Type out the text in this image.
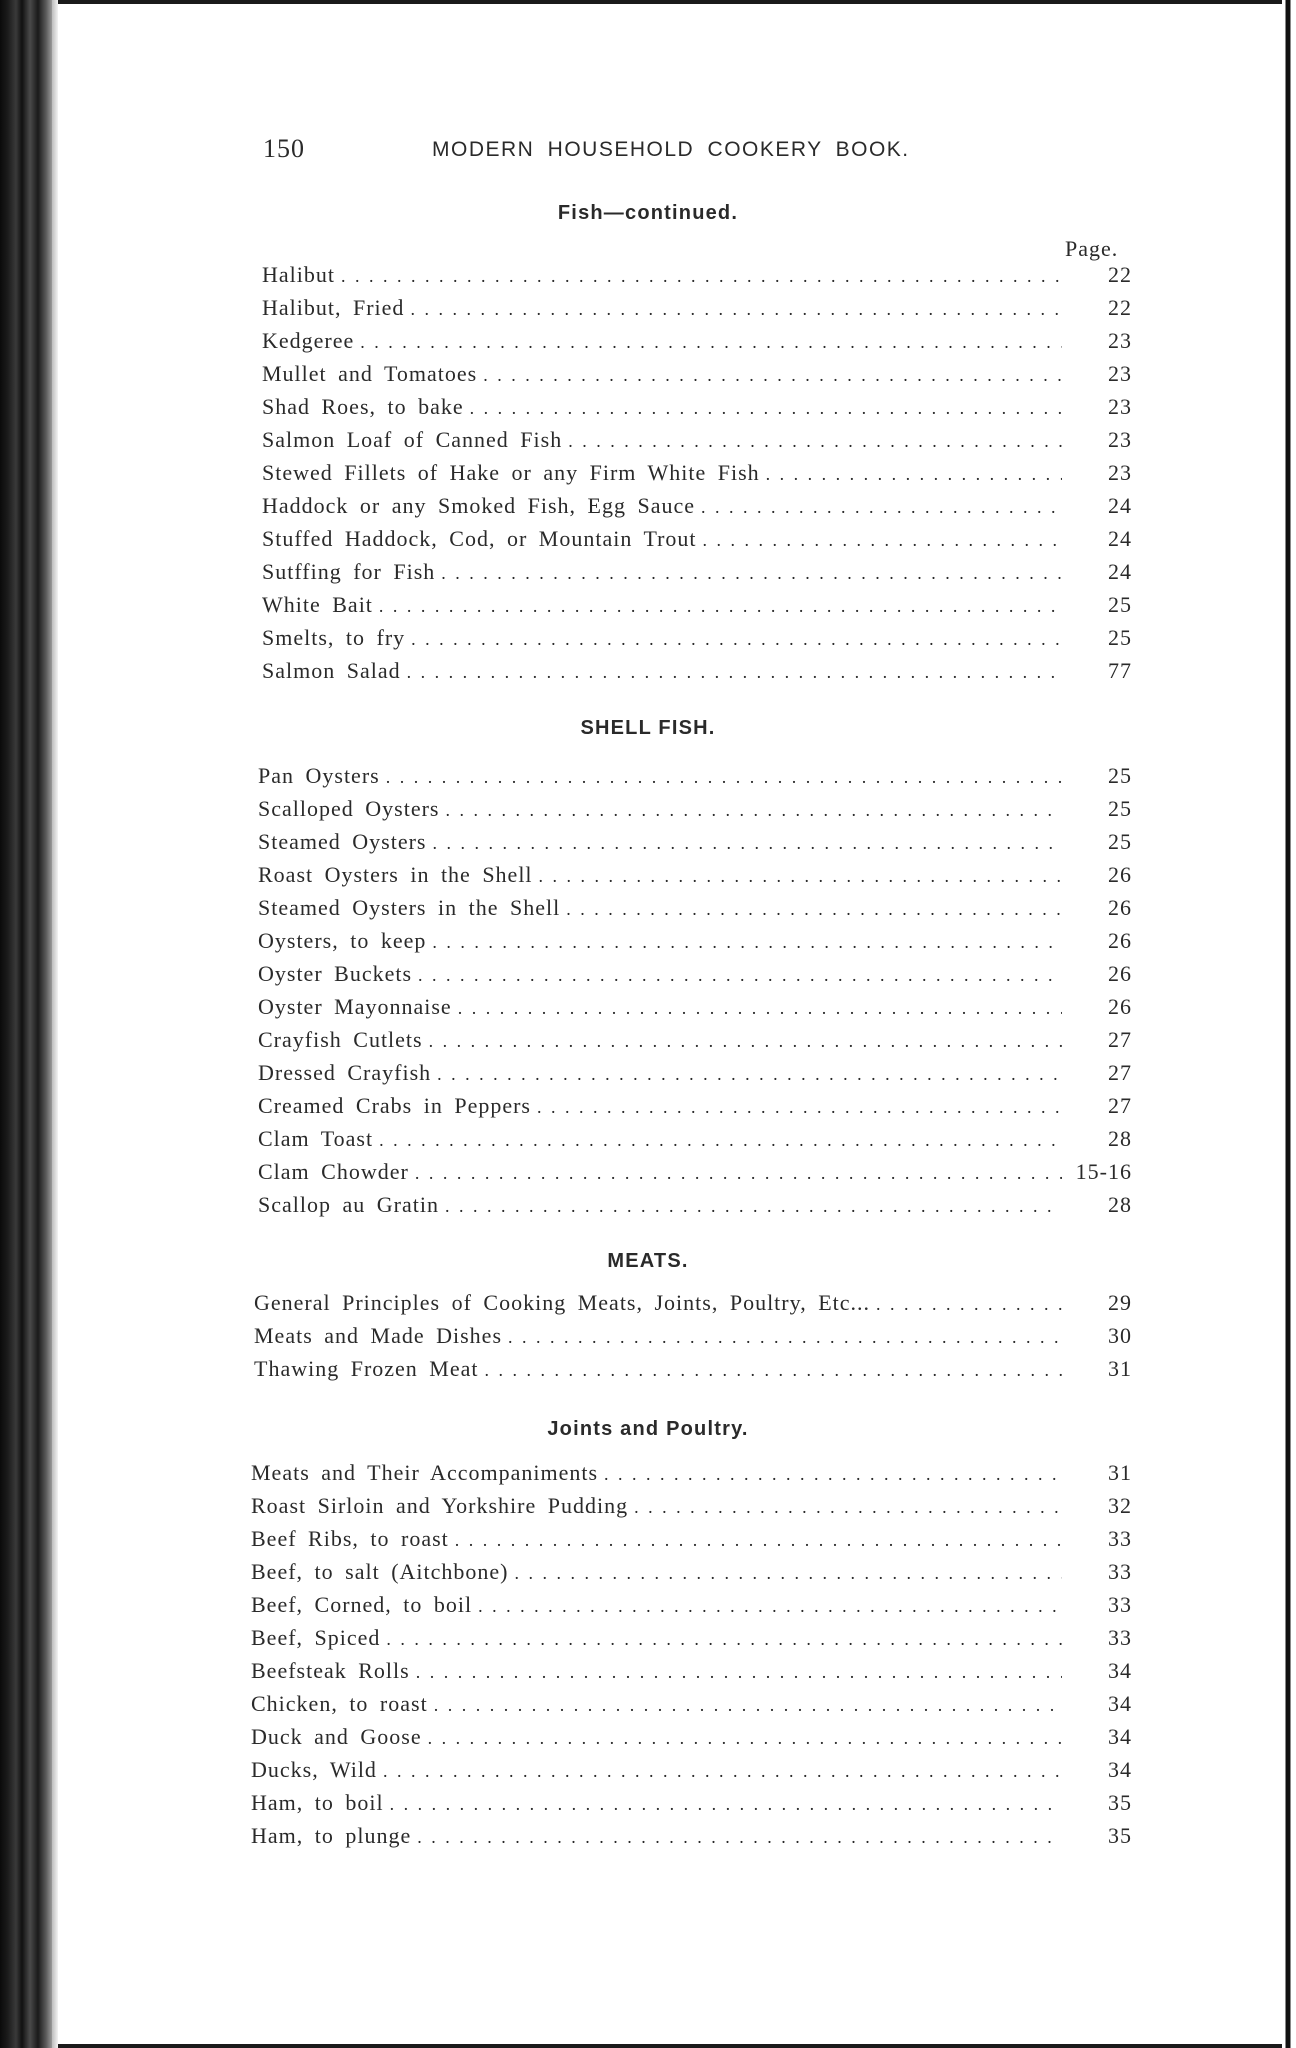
150	MODERN HOUSEHOLD COOKERY BOOK.
Fish—continued.
Page.
Halibut . . .	22
Halibut, Fried . . .	22
Kedgeree . . .	23
Mullet and Tomatoes . . .	23
Shad Roes, to bake . . .	23
Salmon Loaf of Canned Fish . . .	23
Stewed Fillets of Hake or any Firm White Fish . . .	23
Haddock or any Smoked Fish, Egg Sauce . . .	24
Stuffed Haddock, Cod, or Mountain Trout . . .	24
Sutffing for Fish . . .	24
White Bait . . .	25
Smelts, to fry . . .	25
Salmon Salad . . .	77
SHELL FISH.
Pan Oysters . . .	25
Scalloped Oysters . . .	25
Steamed Oysters . . .	25
Roast Oysters in the Shell . . .	26
Steamed Oysters in the Shell . . .	26
Oysters, to keep . . .	26
Oyster Buckets . . .	26
Oyster Mayonnaise . . .	26
Crayfish Cutlets . . .	27
Dressed Crayfish . . .	27
Creamed Crabs in Peppers . . .	27
Clam Toast . . .	28
Clam Chowder . . .	15-16
Scallop au Gratin . . .	28
MEATS.
General Principles of Cooking Meats, Joints, Poultry, Etc... . . .	29
Meats and Made Dishes . . .	30
Thawing Frozen Meat . . .	31
Joints and Poultry.
Meats and Their Accompaniments . . .	31
Roast Sirloin and Yorkshire Pudding . . .	32
Beef Ribs, to roast . . .	33
Beef, to salt (Aitchbone) . . .	33
Beef, Corned, to boil . . .	33
Beef, Spiced . . .	33
Beefsteak Rolls . . .	34
Chicken, to roast . . .	34
Duck and Goose . . .	34
Ducks, Wild . . .	34
Ham, to boil . . .	35
Ham, to plunge . . .	35
